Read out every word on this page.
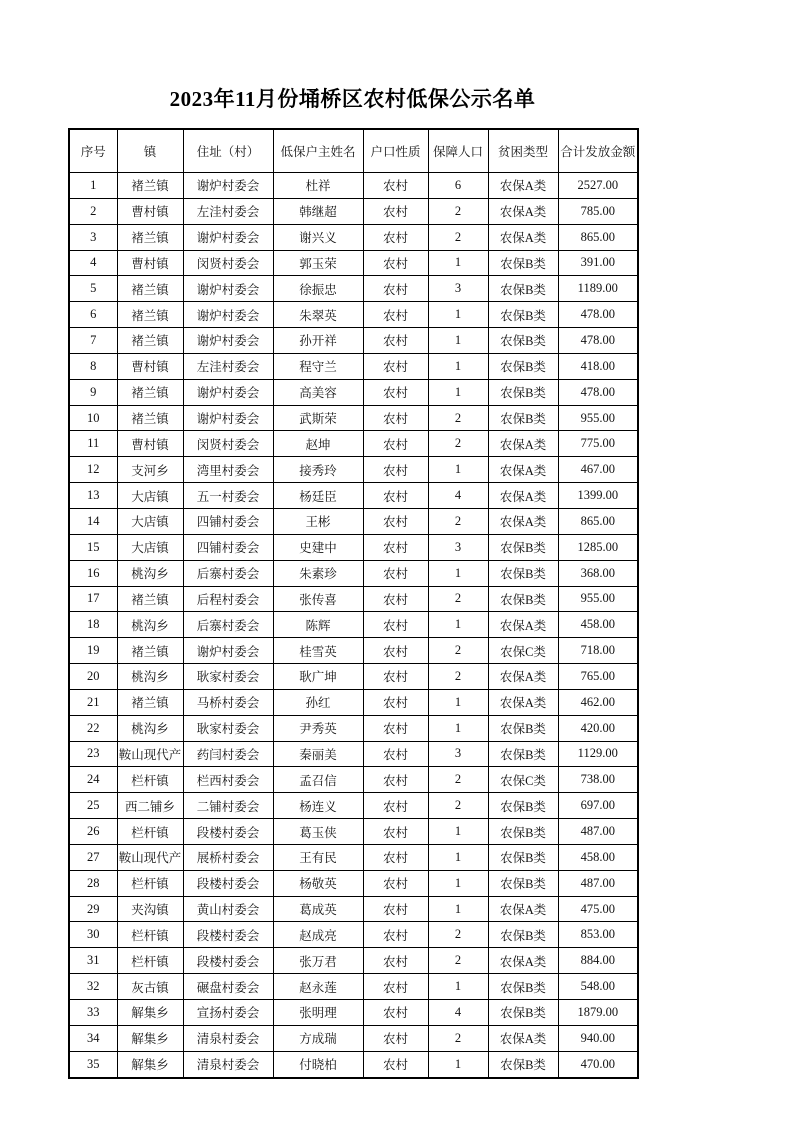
2023年11月份埇桥区农村低保公示名单
序号	镇	住址（村）	低保户主姓名	户口性质	保障人口	贫困类型	合计发放金额
1	褚兰镇	谢炉村委会	杜祥	农村	6	农保A类	2527.00
2	曹村镇	左洼村委会	韩继超	农村	2	农保A类	785.00
3	褚兰镇	谢炉村委会	谢兴义	农村	2	农保A类	865.00
4	曹村镇	闵贤村委会	郭玉荣	农村	1	农保B类	391.00
5	褚兰镇	谢炉村委会	徐振忠	农村	3	农保B类	1189.00
6	褚兰镇	谢炉村委会	朱翠英	农村	1	农保B类	478.00
7	褚兰镇	谢炉村委会	孙开祥	农村	1	农保B类	478.00
8	曹村镇	左洼村委会	程守兰	农村	1	农保B类	418.00
9	褚兰镇	谢炉村委会	高美容	农村	1	农保B类	478.00
10	褚兰镇	谢炉村委会	武斯荣	农村	2	农保B类	955.00
11	曹村镇	闵贤村委会	赵坤	农村	2	农保A类	775.00
12	支河乡	湾里村委会	接秀玲	农村	1	农保A类	467.00
13	大店镇	五一村委会	杨廷臣	农村	4	农保A类	1399.00
14	大店镇	四铺村委会	王彬	农村	2	农保A类	865.00
15	大店镇	四铺村委会	史建中	农村	3	农保B类	1285.00
16	桃沟乡	后寨村委会	朱素珍	农村	1	农保B类	368.00
17	褚兰镇	后程村委会	张传喜	农村	2	农保B类	955.00
18	桃沟乡	后寨村委会	陈辉	农村	1	农保A类	458.00
19	褚兰镇	谢炉村委会	桂雪英	农村	2	农保C类	718.00
20	桃沟乡	耿家村委会	耿广坤	农村	2	农保A类	765.00
21	褚兰镇	马桥村委会	孙红	农村	1	农保A类	462.00
22	桃沟乡	耿家村委会	尹秀英	农村	1	农保B类	420.00
23	鞍山现代产	药闫村委会	秦丽美	农村	3	农保B类	1129.00
24	栏杆镇	栏西村委会	孟召信	农村	2	农保C类	738.00
25	西二铺乡	二铺村委会	杨连义	农村	2	农保B类	697.00
26	栏杆镇	段楼村委会	葛玉侠	农村	1	农保B类	487.00
27	鞍山现代产	展桥村委会	王有民	农村	1	农保B类	458.00
28	栏杆镇	段楼村委会	杨敬英	农村	1	农保B类	487.00
29	夹沟镇	黄山村委会	葛成英	农村	1	农保A类	475.00
30	栏杆镇	段楼村委会	赵成亮	农村	2	农保B类	853.00
31	栏杆镇	段楼村委会	张万君	农村	2	农保A类	884.00
32	灰古镇	碾盘村委会	赵永莲	农村	1	农保B类	548.00
33	解集乡	宣扬村委会	张明理	农村	4	农保B类	1879.00
34	解集乡	清泉村委会	方成瑞	农村	2	农保A类	940.00
35	解集乡	清泉村委会	付晓柏	农村	1	农保B类	470.00
